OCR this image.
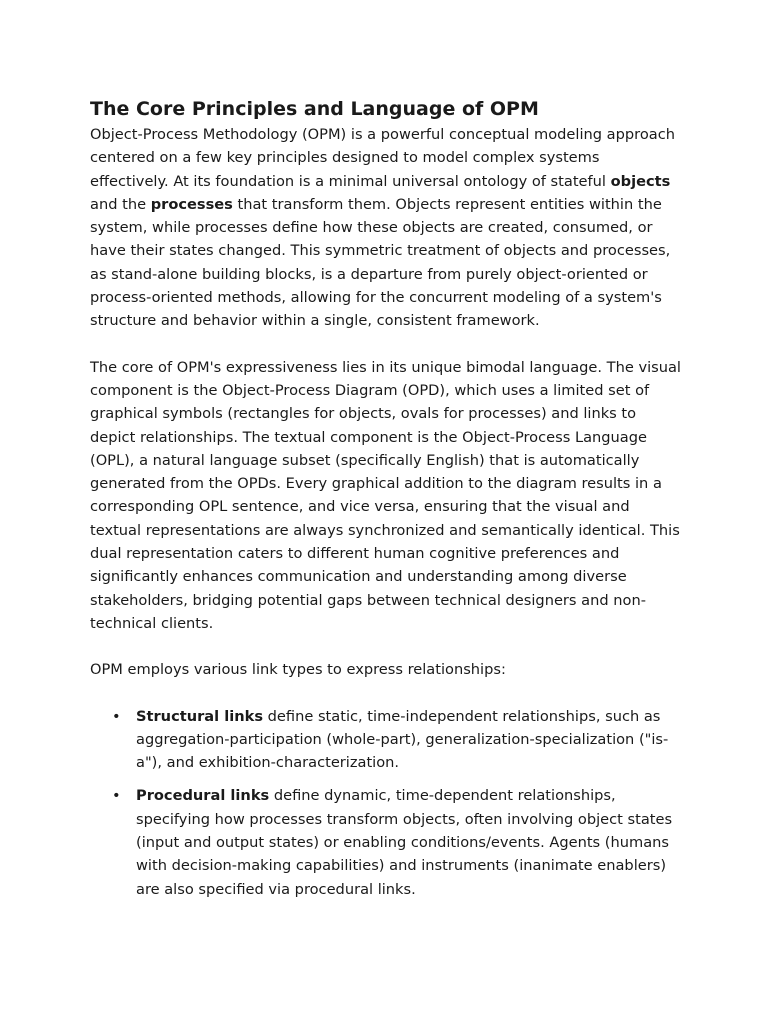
The Core Principles and Language of OPM

Object-Process Methodology (OPM) is a powerful conceptual modeling approach centered on a few key principles designed to model complex systems effectively. At its foundation is a minimal universal ontology of stateful objects and the processes that transform them. Objects represent entities within the system, while processes define how these objects are created, consumed, or have their states changed. This symmetric treatment of objects and processes, as stand-alone building blocks, is a departure from purely object-oriented or process-oriented methods, allowing for the concurrent modeling of a system's structure and behavior within a single, consistent framework.

The core of OPM's expressiveness lies in its unique bimodal language. The visual component is the Object-Process Diagram (OPD), which uses a limited set of graphical symbols (rectangles for objects, ovals for processes) and links to depict relationships. The textual component is the Object-Process Language (OPL), a natural language subset (specifically English) that is automatically generated from the OPDs. Every graphical addition to the diagram results in a corresponding OPL sentence, and vice versa, ensuring that the visual and textual representations are always synchronized and semantically identical. This dual representation caters to different human cognitive preferences and significantly enhances communication and understanding among diverse stakeholders, bridging potential gaps between technical designers and non-technical clients.

OPM employs various link types to express relationships:

• Structural links define static, time-independent relationships, such as aggregation-participation (whole-part), generalization-specialization ("is-a"), and exhibition-characterization.
• Procedural links define dynamic, time-dependent relationships, specifying how processes transform objects, often involving object states (input and output states) or enabling conditions/events. Agents (humans with decision-making capabilities) and instruments (inanimate enablers) are also specified via procedural links.
